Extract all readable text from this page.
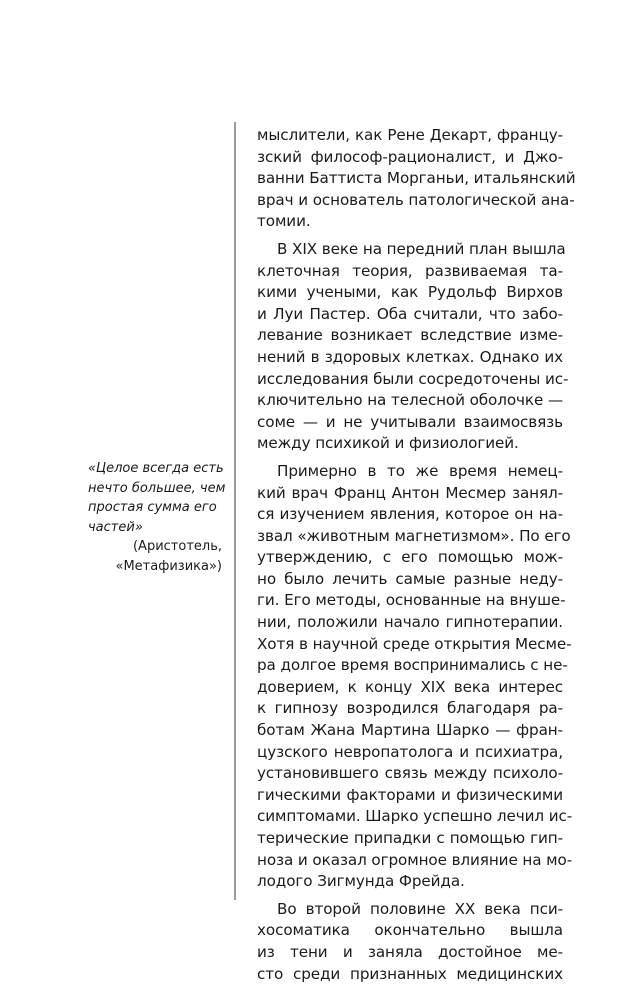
«Целое всегда есть
нечто большее, чем
простая сумма его
частей»
(Аристотель,
«Метафизика»)
мыслители, как Рене Декарт, францу-
зский философ-рационалист, и Джо-
ванни Баттиста Морганьи, итальянский
врач и основатель патологической ана-
томии.
В XIX веке на передний план вышла
клеточная теория, развиваемая та-
кими учеными, как Рудольф Вирхов
и Луи Пастер. Оба считали, что забо-
левание возникает вследствие изме-
нений в здоровых клетках. Однако их
исследования были сосредоточены ис-
ключительно на телесной оболочке —
соме — и не учитывали взаимосвязь
между психикой и физиологией.
Примерно в то же время немец-
кий врач Франц Антон Месмер занял-
ся изучением явления, которое он на-
звал «животным магнетизмом». По его
утверждению, с его помощью мож-
но было лечить самые разные неду-
ги. Его методы, основанные на внуше-
нии, положили начало гипнотерапии.
Хотя в научной среде открытия Месме-
ра долгое время воспринимались с не-
доверием, к концу XIX века интерес
к гипнозу возродился благодаря ра-
ботам Жана Мартина Шарко — фран-
цузского невропатолога и психиатра,
установившего связь между психоло-
гическими факторами и физическими
симптомами. Шарко успешно лечил ис-
терические припадки с помощью гип-
ноза и оказал огромное влияние на мо-
лодого Зигмунда Фрейда.
Во второй половине XX века пси-
хосоматика окончательно вышла
из тени и заняла достойное ме-
сто среди признанных медицинских
